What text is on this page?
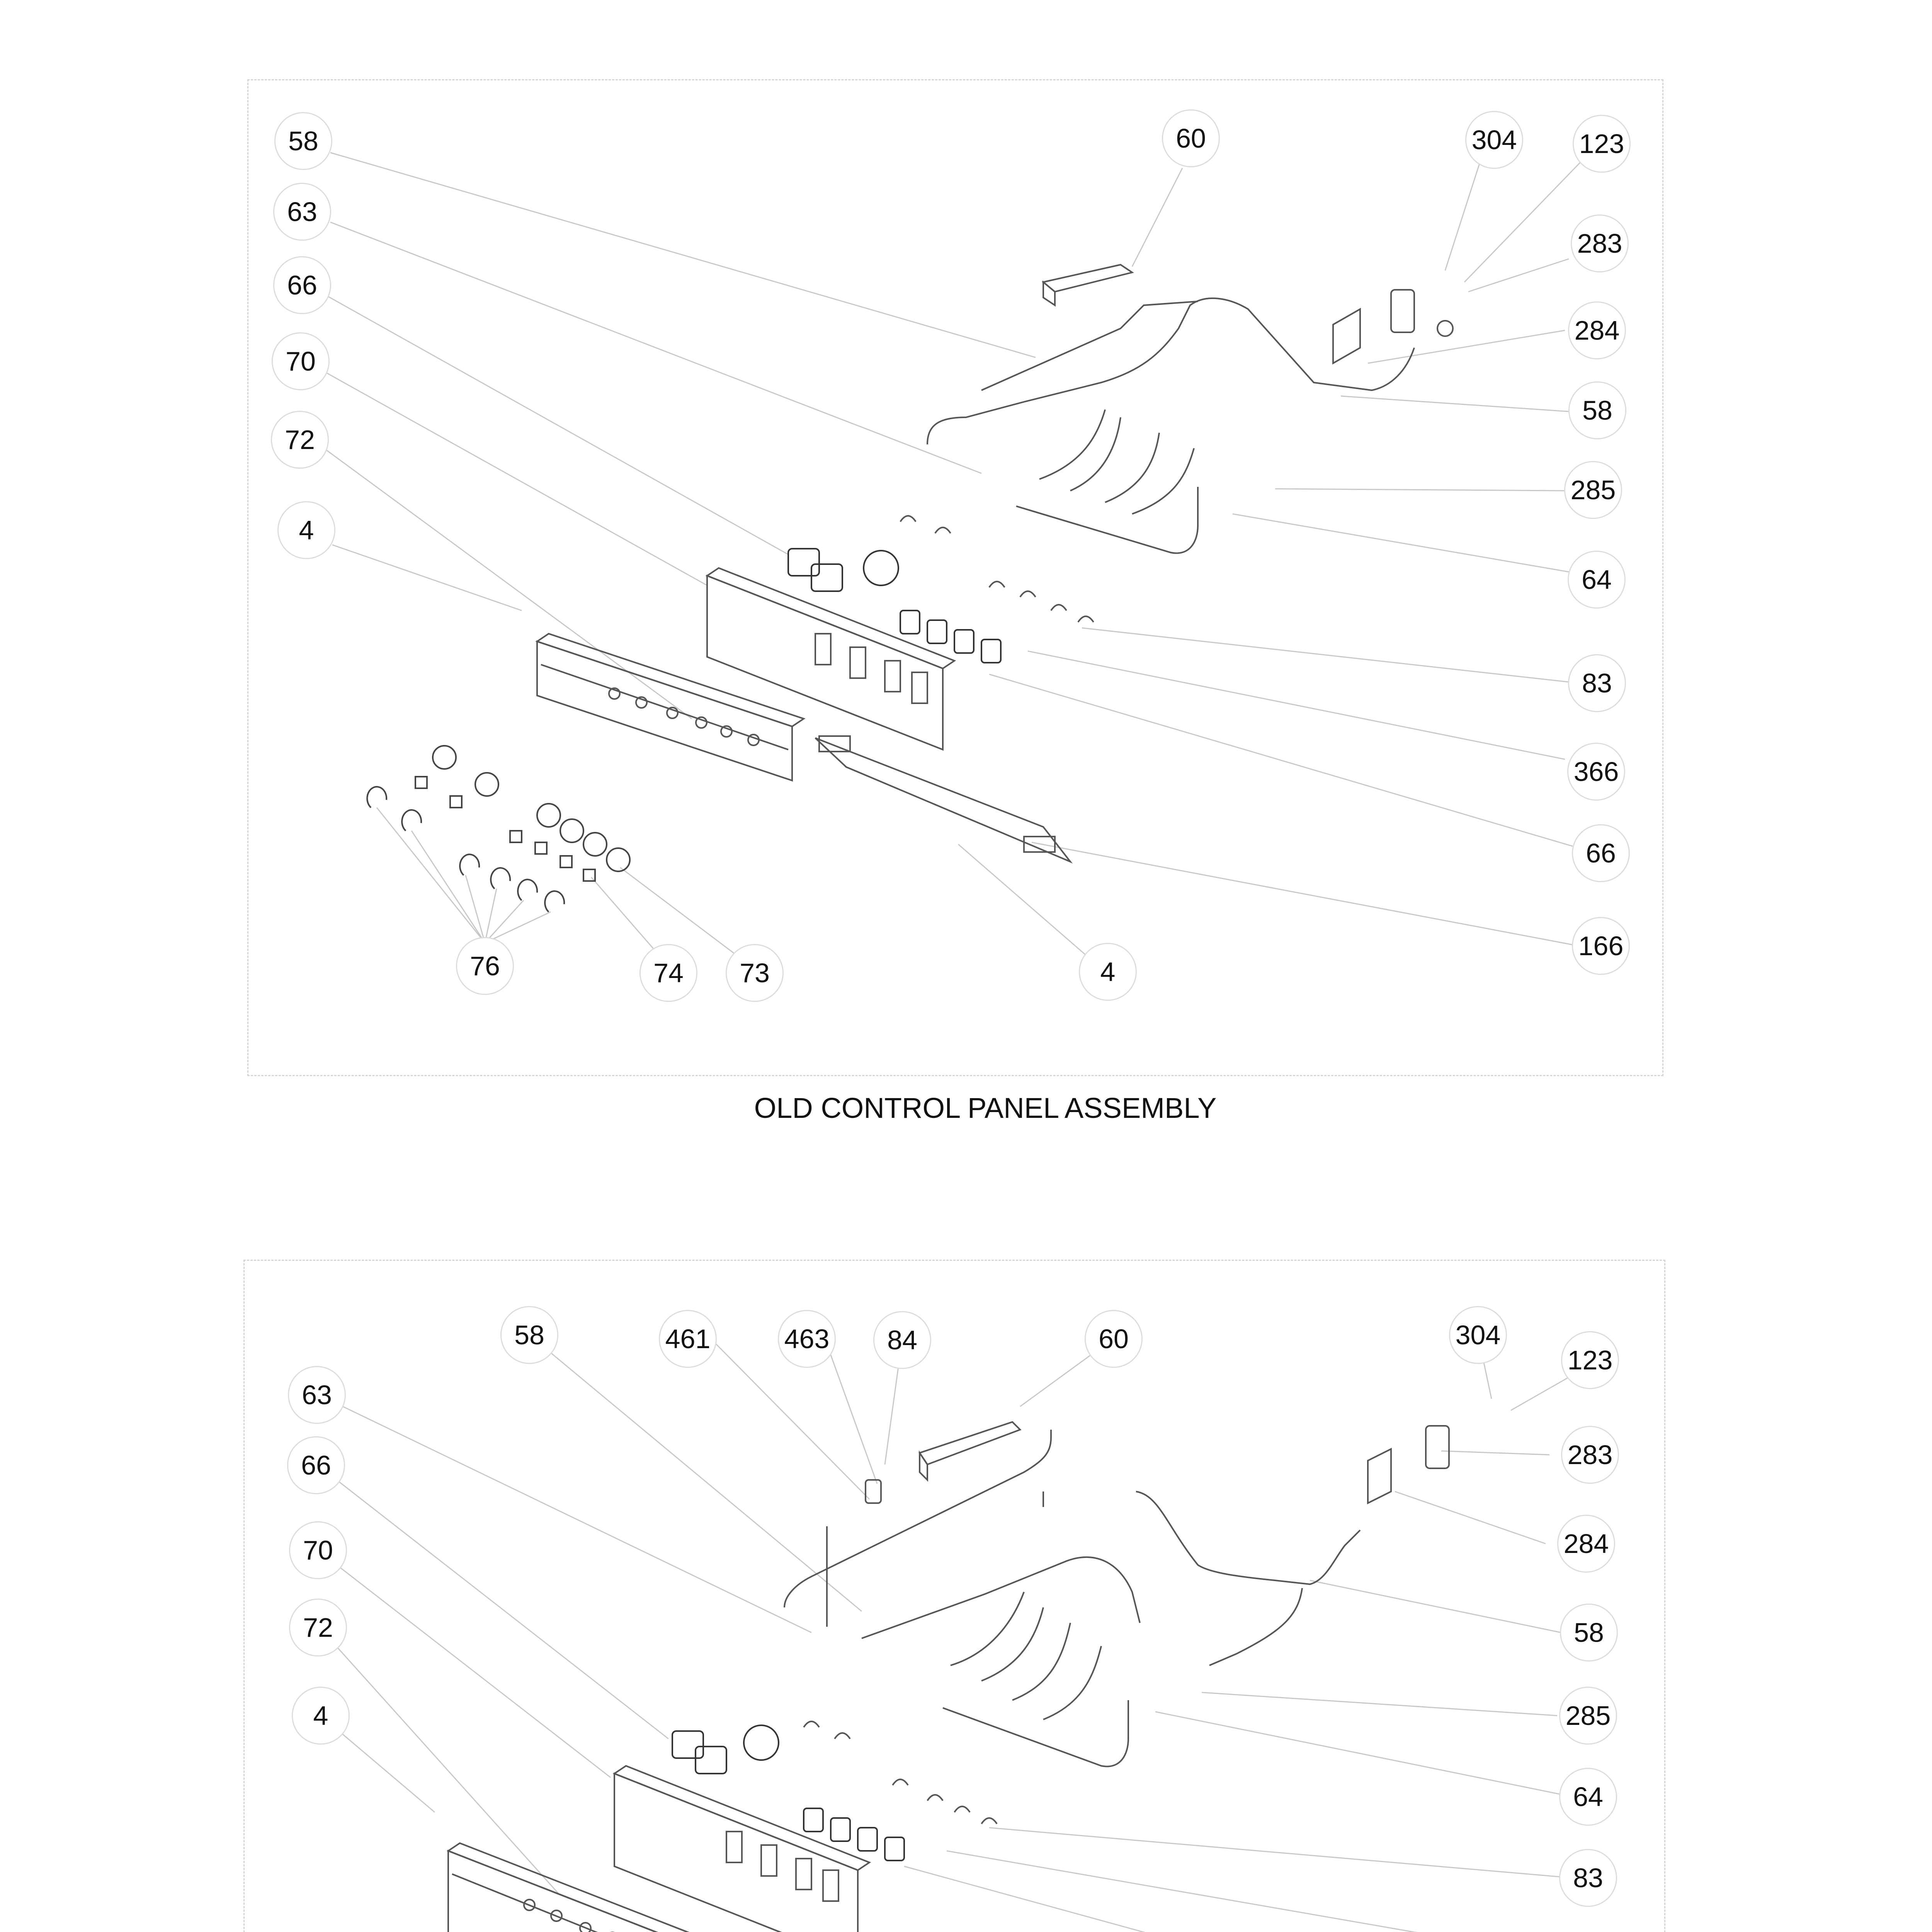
58
63
66
70
72
4
60	304 123
283
284
58
285
64
83
366
66
166
76	74	73	4
OLD CONTROL PANEL ASSEMBLY
58	461	463	84	60	304
123
63
66
70
72
4
283
284
58
285
64
83
